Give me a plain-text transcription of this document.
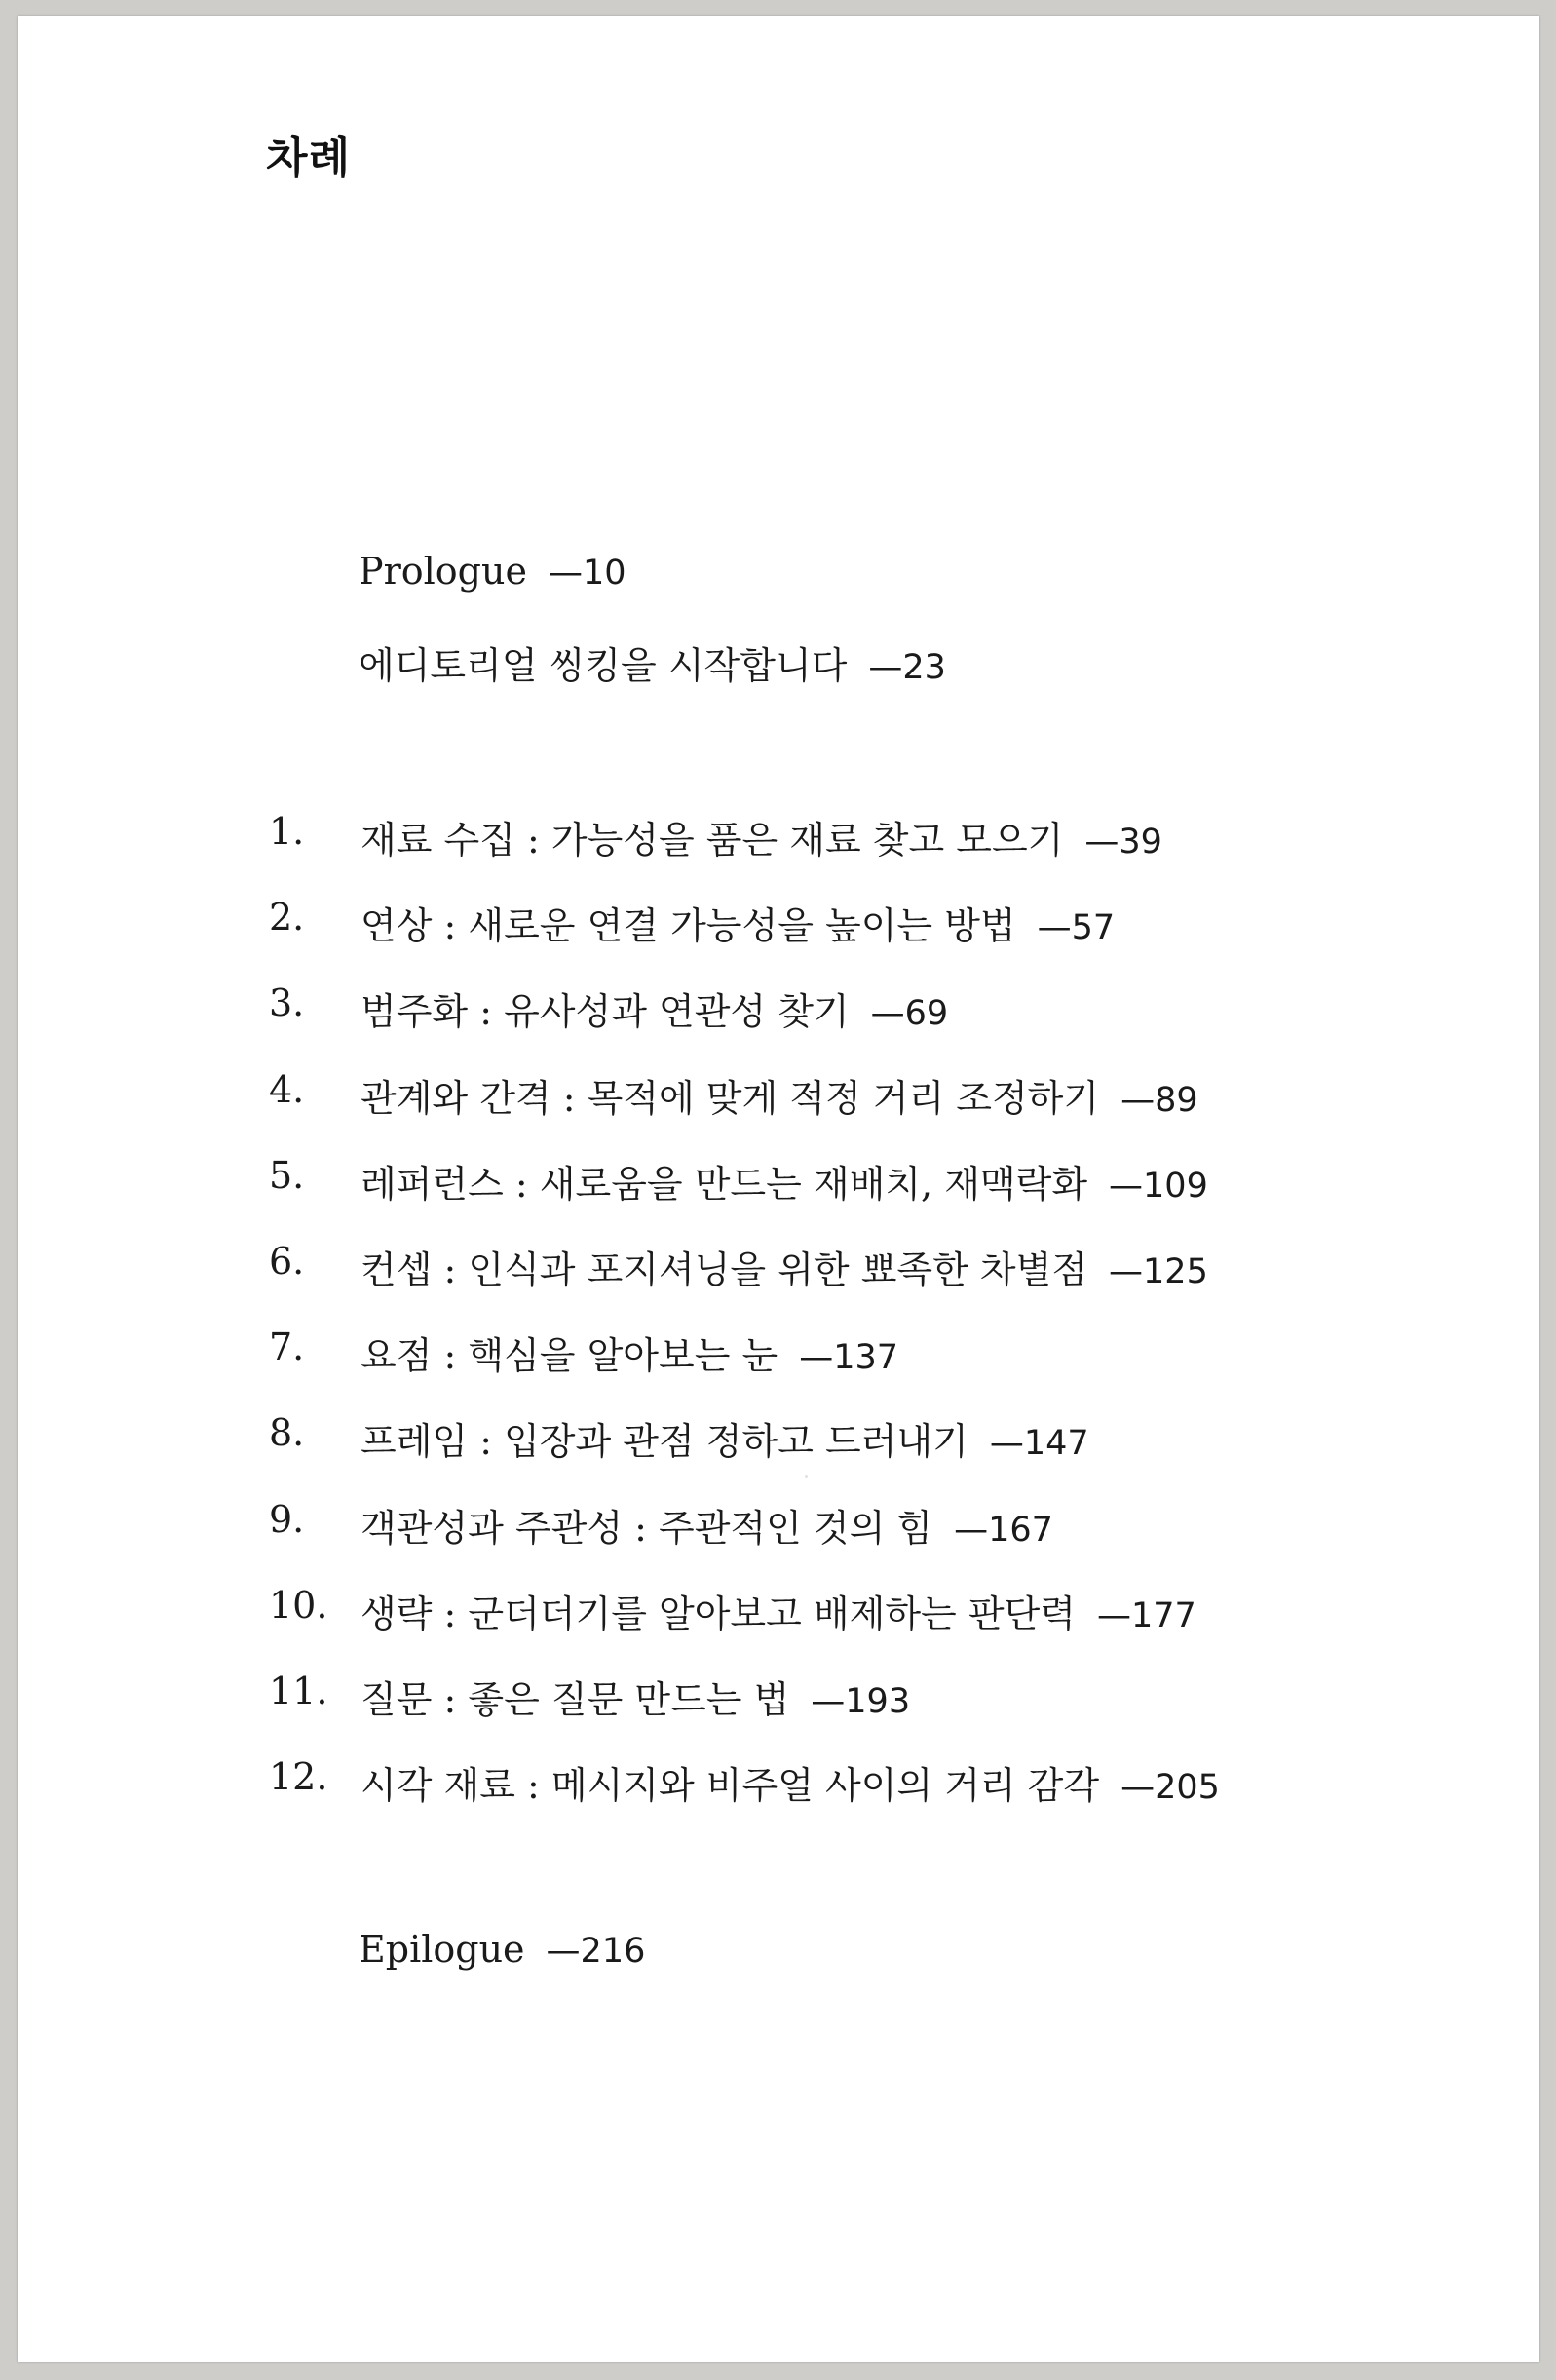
차례
Prologue —10
에디토리얼 씽킹을 시작합니다 —23
1. 재료 수집 : 가능성을 품은 재료 찾고 모으기 —39
2. 연상 : 새로운 연결 가능성을 높이는 방법 —57
3. 범주화 : 유사성과 연관성 찾기 —69
4. 관계와 간격 : 목적에 맞게 적정 거리 조정하기 —89
5. 레퍼런스 : 새로움을 만드는 재배치, 재맥락화 —109
6. 컨셉 : 인식과 포지셔닝을 위한 뾰족한 차별점 —125
7. 요점 : 핵심을 알아보는 눈 —137
8. 프레임 : 입장과 관점 정하고 드러내기 —147
9. 객관성과 주관성 : 주관적인 것의 힘 —167
10. 생략 : 군더더기를 알아보고 배제하는 판단력 —177
11. 질문 : 좋은 질문 만드는 법 —193
12. 시각 재료 : 메시지와 비주얼 사이의 거리 감각 —205
Epilogue —216
